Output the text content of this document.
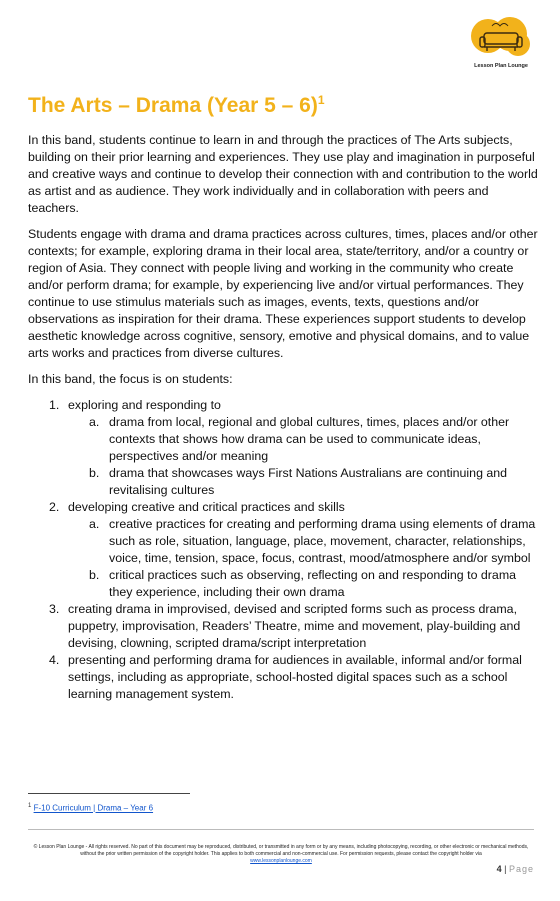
Lesson Plan Lounge
The Arts – Drama (Year 5 – 6)$^1$

In this band, students continue to learn in and through the practices of The Arts subjects, building on their prior learning and experiences. They use play and imagination in purposeful and creative ways and continue to develop their connection with and contribution to the world as artist and as audience. They work individually and in collaboration with peers and teachers.

Students engage with drama and drama practices across cultures, times, places and/or other contexts; for example, exploring drama in their local area, state/territory, and/or a country or region of Asia. They connect with people living and working in the community who create and/or perform drama; for example, by experiencing live and/or virtual performances. They continue to use stimulus materials such as images, events, texts, questions and/or observations as inspiration for their drama. These experiences support students to develop aesthetic knowledge across cognitive, sensory, emotive and physical domains, and to value arts works and practices from diverse cultures.

In this band, the focus is on students:

1. exploring and responding to
a. drama from local, regional and global cultures, times, places and/or other contexts that shows how drama can be used to communicate ideas, perspectives and/or meaning
b. drama that showcases ways First Nations Australians are continuing and revitalising cultures
2. developing creative and critical practices and skills
a. creative practices for creating and performing drama using elements of drama such as role, situation, language, place, movement, character, relationships, voice, time, tension, space, focus, contrast, mood/atmosphere and/or symbol
b. critical practices such as observing, reflecting on and responding to drama they experience, including their own drama
3. creating drama in improvised, devised and scripted forms such as process drama, puppetry, improvisation, Readers’ Theatre, mime and movement, play-building and devising, clowning, scripted drama/script interpretation
4. presenting and performing drama for audiences in available, informal and/or formal settings, including as appropriate, school-hosted digital spaces such as a school learning management system.
$^1$ F-10 Curriculum | Drama – Year 6
© Lesson Plan Lounge - All rights reserved. No part of this document may be reproduced, distributed, or transmitted in any form or by any means, including photocopying, recording, or other electronic or mechanical methods, without the prior written permission of the copyright holder. This applies to both commercial and non-commercial use. For permission requests, please contact the copyright holder via
www.lessonplanlounge.com
4 | Page
